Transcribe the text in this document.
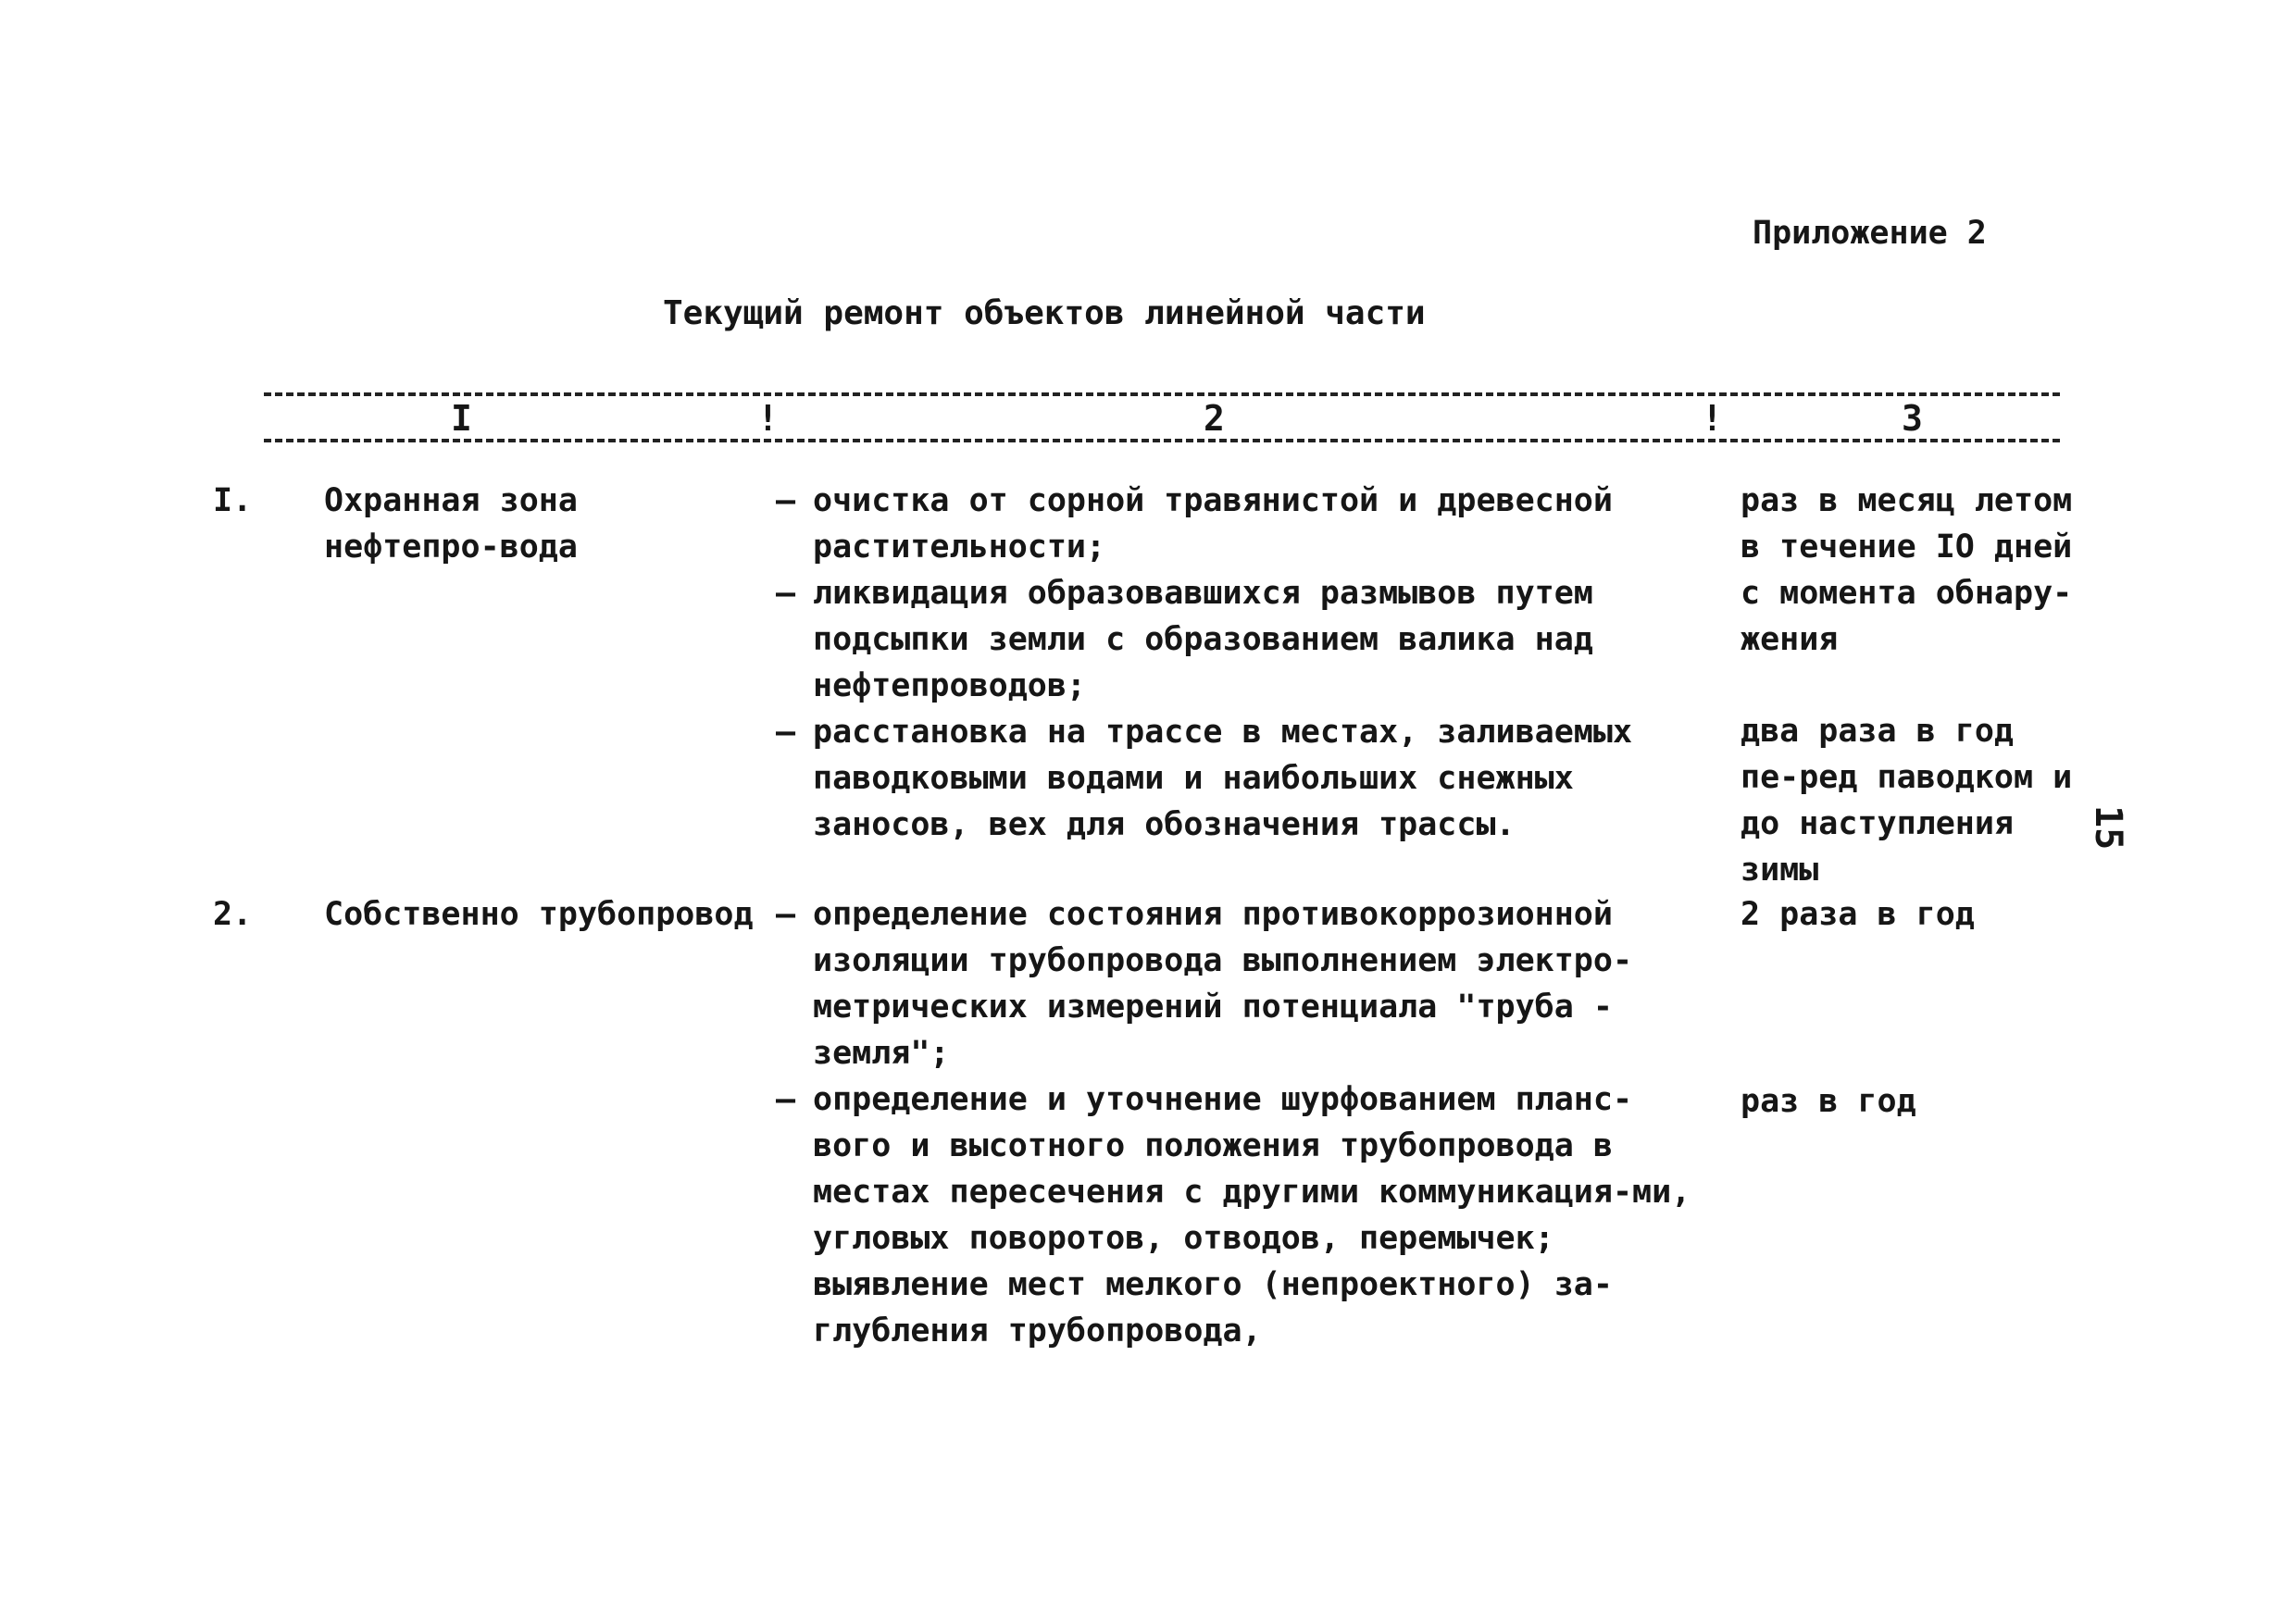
Приложение 2
Текущий ремонт объектов линейной части
I	!	2	!	3
I. Охранная зона нефтепро-вода
– очистка от сорной травянистой и древесной растительности;
– ликвидация образовавшихся размывов путем подсыпки земли с образованием валика над нефтепроводов;
– расстановка на трассе в местах, заливаемых паводковыми водами и наибольших снежных заносов, вех для обозначения трассы.
раз в месяц летом в течение IO дней с момента обнару-жения
два раза в год пе-ред паводком и до наступления зимы
2. Собственно трубопровод
–	определение состояния противокоррозионной изоляции трубопровода выполнением электро-метрических измерений потенциала "труба - земля";
– определение и уточнение шурфованием планс-вого и высотного положения трубопровода в местах пересечения с другими коммуникация-ми, угловых поворотов, отводов, перемычек; выявление мест мелкого (непроектного) за-глубления трубопровода,
2 раза в год
раз в год
15
